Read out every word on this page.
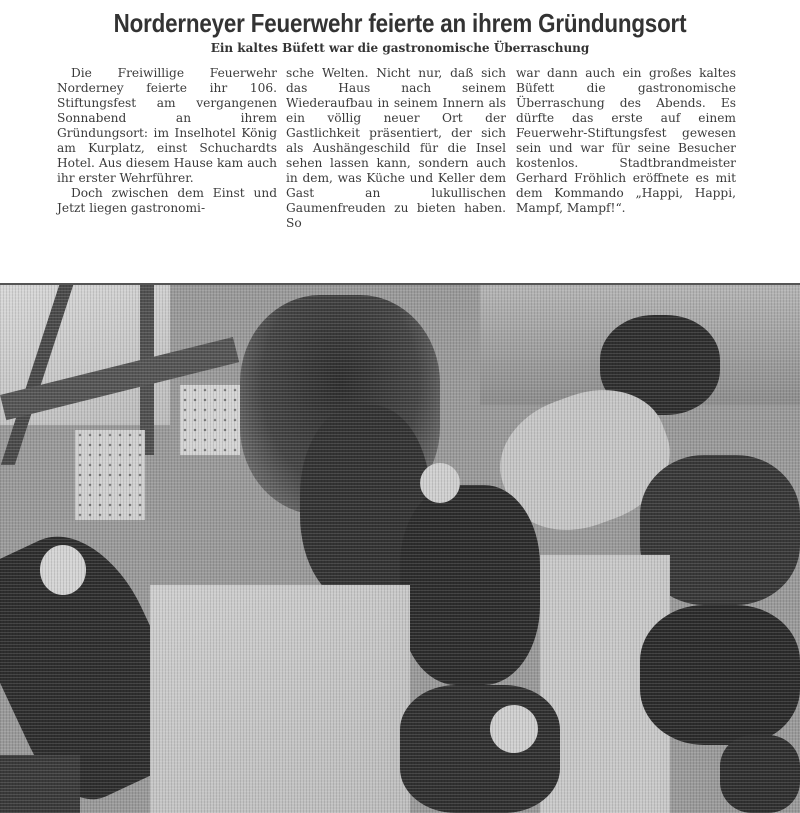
Norderneyer Feuerwehr feierte an ihrem Gründungsort
Ein kaltes Büfett war die gastronomische Überraschung

Die Freiwillige Feuerwehr Norderney feierte ihr 106. Stiftungsfest am vergangenen Sonnabend an ihrem Gründungsort: im Inselhotel König am Kurplatz, einst Schuchardts Hotel. Aus diesem Hause kam auch ihr erster Wehrführer.

Doch zwischen dem Einst und Jetzt liegen gastronomi-

sche Welten. Nicht nur, daß sich das Haus nach seinem Wiederaufbau in seinem Innern als ein völlig neuer Ort der Gastlichkeit präsentiert, der sich als Aushängeschild für die Insel sehen lassen kann, sondern auch in dem, was Küche und Keller dem Gast an lukullischen Gaumenfreuden zu bieten haben. So

war dann auch ein großes kaltes Büfett die gastronomische Überraschung des Abends. Es dürfte das erste auf einem Feuerwehr-Stiftungsfest gewesen sein und war für seine Besucher kostenlos. Stadtbrandmeister Gerhard Fröhlich eröffnete es mit dem Kommando „Happi, Happi, Mampf, Mampf!“.
